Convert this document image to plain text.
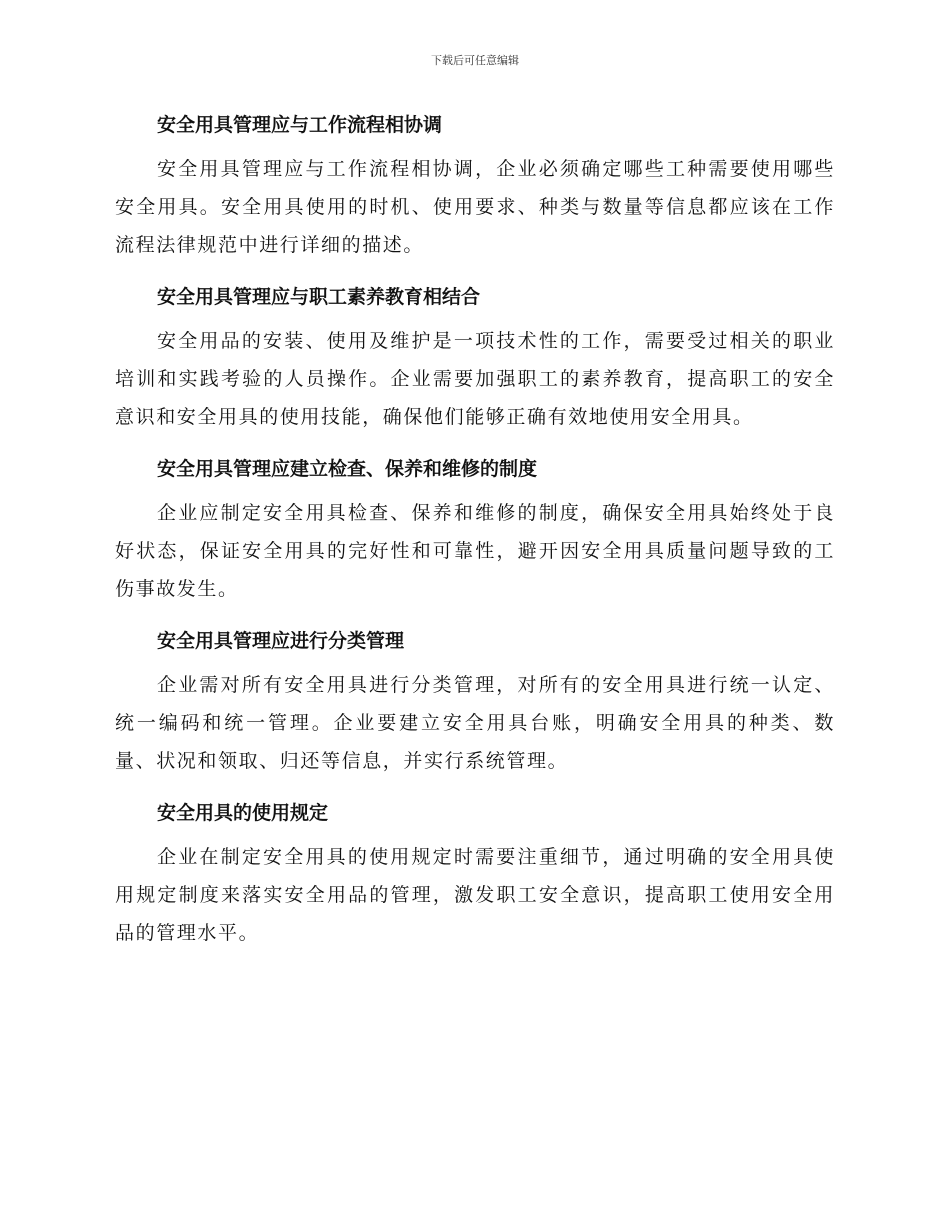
下载后可任意编辑
安全用具管理应与工作流程相协调

安全用具管理应与工作流程相协调，企业必须确定哪些工种需要使用哪些安全用具。安全用具使用的时机、使用要求、种类与数量等信息都应该在工作流程法律规范中进行详细的描述。

安全用具管理应与职工素养教育相结合

安全用品的安装、使用及维护是一项技术性的工作，需要受过相关的职业培训和实践考验的人员操作。企业需要加强职工的素养教育，提高职工的安全意识和安全用具的使用技能，确保他们能够正确有效地使用安全用具。

安全用具管理应建立检查、保养和维修的制度

企业应制定安全用具检查、保养和维修的制度，确保安全用具始终处于良好状态，保证安全用具的完好性和可靠性，避开因安全用具质量问题导致的工伤事故发生。

安全用具管理应进行分类管理

企业需对所有安全用具进行分类管理，对所有的安全用具进行统一认定、统一编码和统一管理。企业要建立安全用具台账，明确安全用具的种类、数量、状况和领取、归还等信息，并实行系统管理。

安全用具的使用规定

企业在制定安全用具的使用规定时需要注重细节，通过明确的安全用具使用规定制度来落实安全用品的管理，激发职工安全意识，提高职工使用安全用品的管理水平。
